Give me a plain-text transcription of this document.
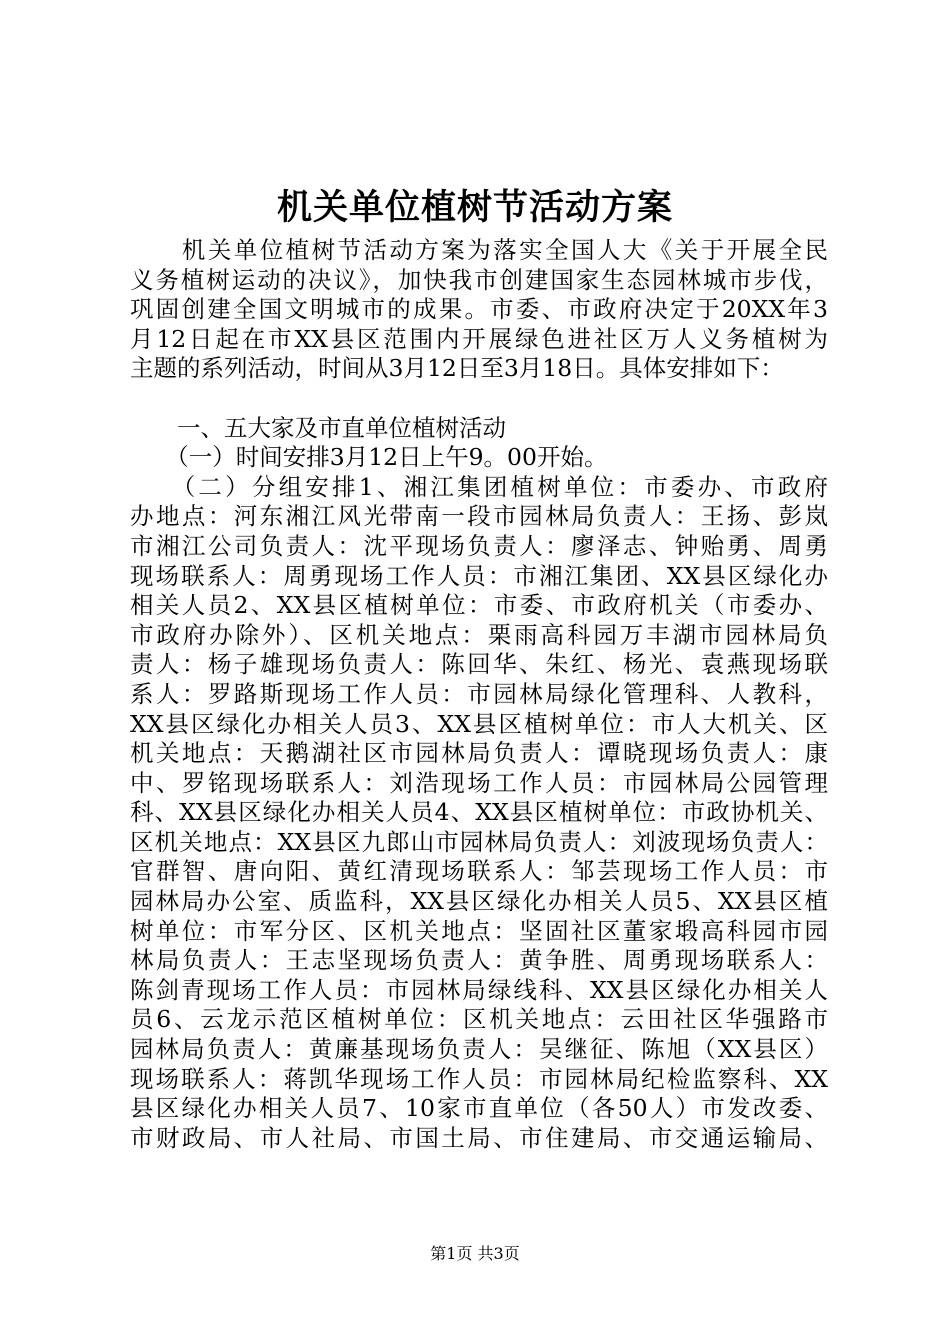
机关单位植树节活动方案
　　机关单位植树节活动方案为落实全国人大《关于开展全民
义务植树运动的决议》，加快我市创建国家生态园林城市步伐，
巩固创建全国文明城市的成果。市委、市政府决定于20XX年3
月12日起在市XX县区范围内开展绿色进社区万人义务植树为
主题的系列活动，时间从3月12日至3月18日。具体安排如下：
　　一、五大家及市直单位植树活动
　　（一）时间安排3月12日上午9。00开始。
　　（二）分组安排1、湘江集团植树单位：市委办、市政府
办地点：河东湘江风光带南一段市园林局负责人：王扬、彭岚
市湘江公司负责人：沈平现场负责人：廖泽志、钟贻勇、周勇
现场联系人：周勇现场工作人员：市湘江集团、XX县区绿化办
相关人员2、XX县区植树单位：市委、市政府机关（市委办、
市政府办除外）、区机关地点：栗雨高科园万丰湖市园林局负
责人：杨子雄现场负责人：陈回华、朱红、杨光、袁燕现场联
系人：罗路斯现场工作人员：市园林局绿化管理科、人教科，
XX县区绿化办相关人员3、XX县区植树单位：市人大机关、区
机关地点：天鹅湖社区市园林局负责人：谭晓现场负责人：康
中、罗铭现场联系人：刘浩现场工作人员：市园林局公园管理
科、XX县区绿化办相关人员4、XX县区植树单位：市政协机关、
区机关地点：XX县区九郎山市园林局负责人：刘波现场负责人：
官群智、唐向阳、黄红清现场联系人：邹芸现场工作人员：市
园林局办公室、质监科，XX县区绿化办相关人员5、XX县区植
树单位：市军分区、区机关地点：坚固社区董家塅高科园市园
林局负责人：王志坚现场负责人：黄争胜、周勇现场联系人：
陈剑青现场工作人员：市园林局绿线科、XX县区绿化办相关人
员6、云龙示范区植树单位：区机关地点：云田社区华强路市
园林局负责人：黄廉基现场负责人：吴继征、陈旭（XX县区）
现场联系人：蒋凯华现场工作人员：市园林局纪检监察科、XX
县区绿化办相关人员7、10家市直单位（各50人）市发改委、
市财政局、市人社局、市国土局、市住建局、市交通运输局、
第1页 共3页
